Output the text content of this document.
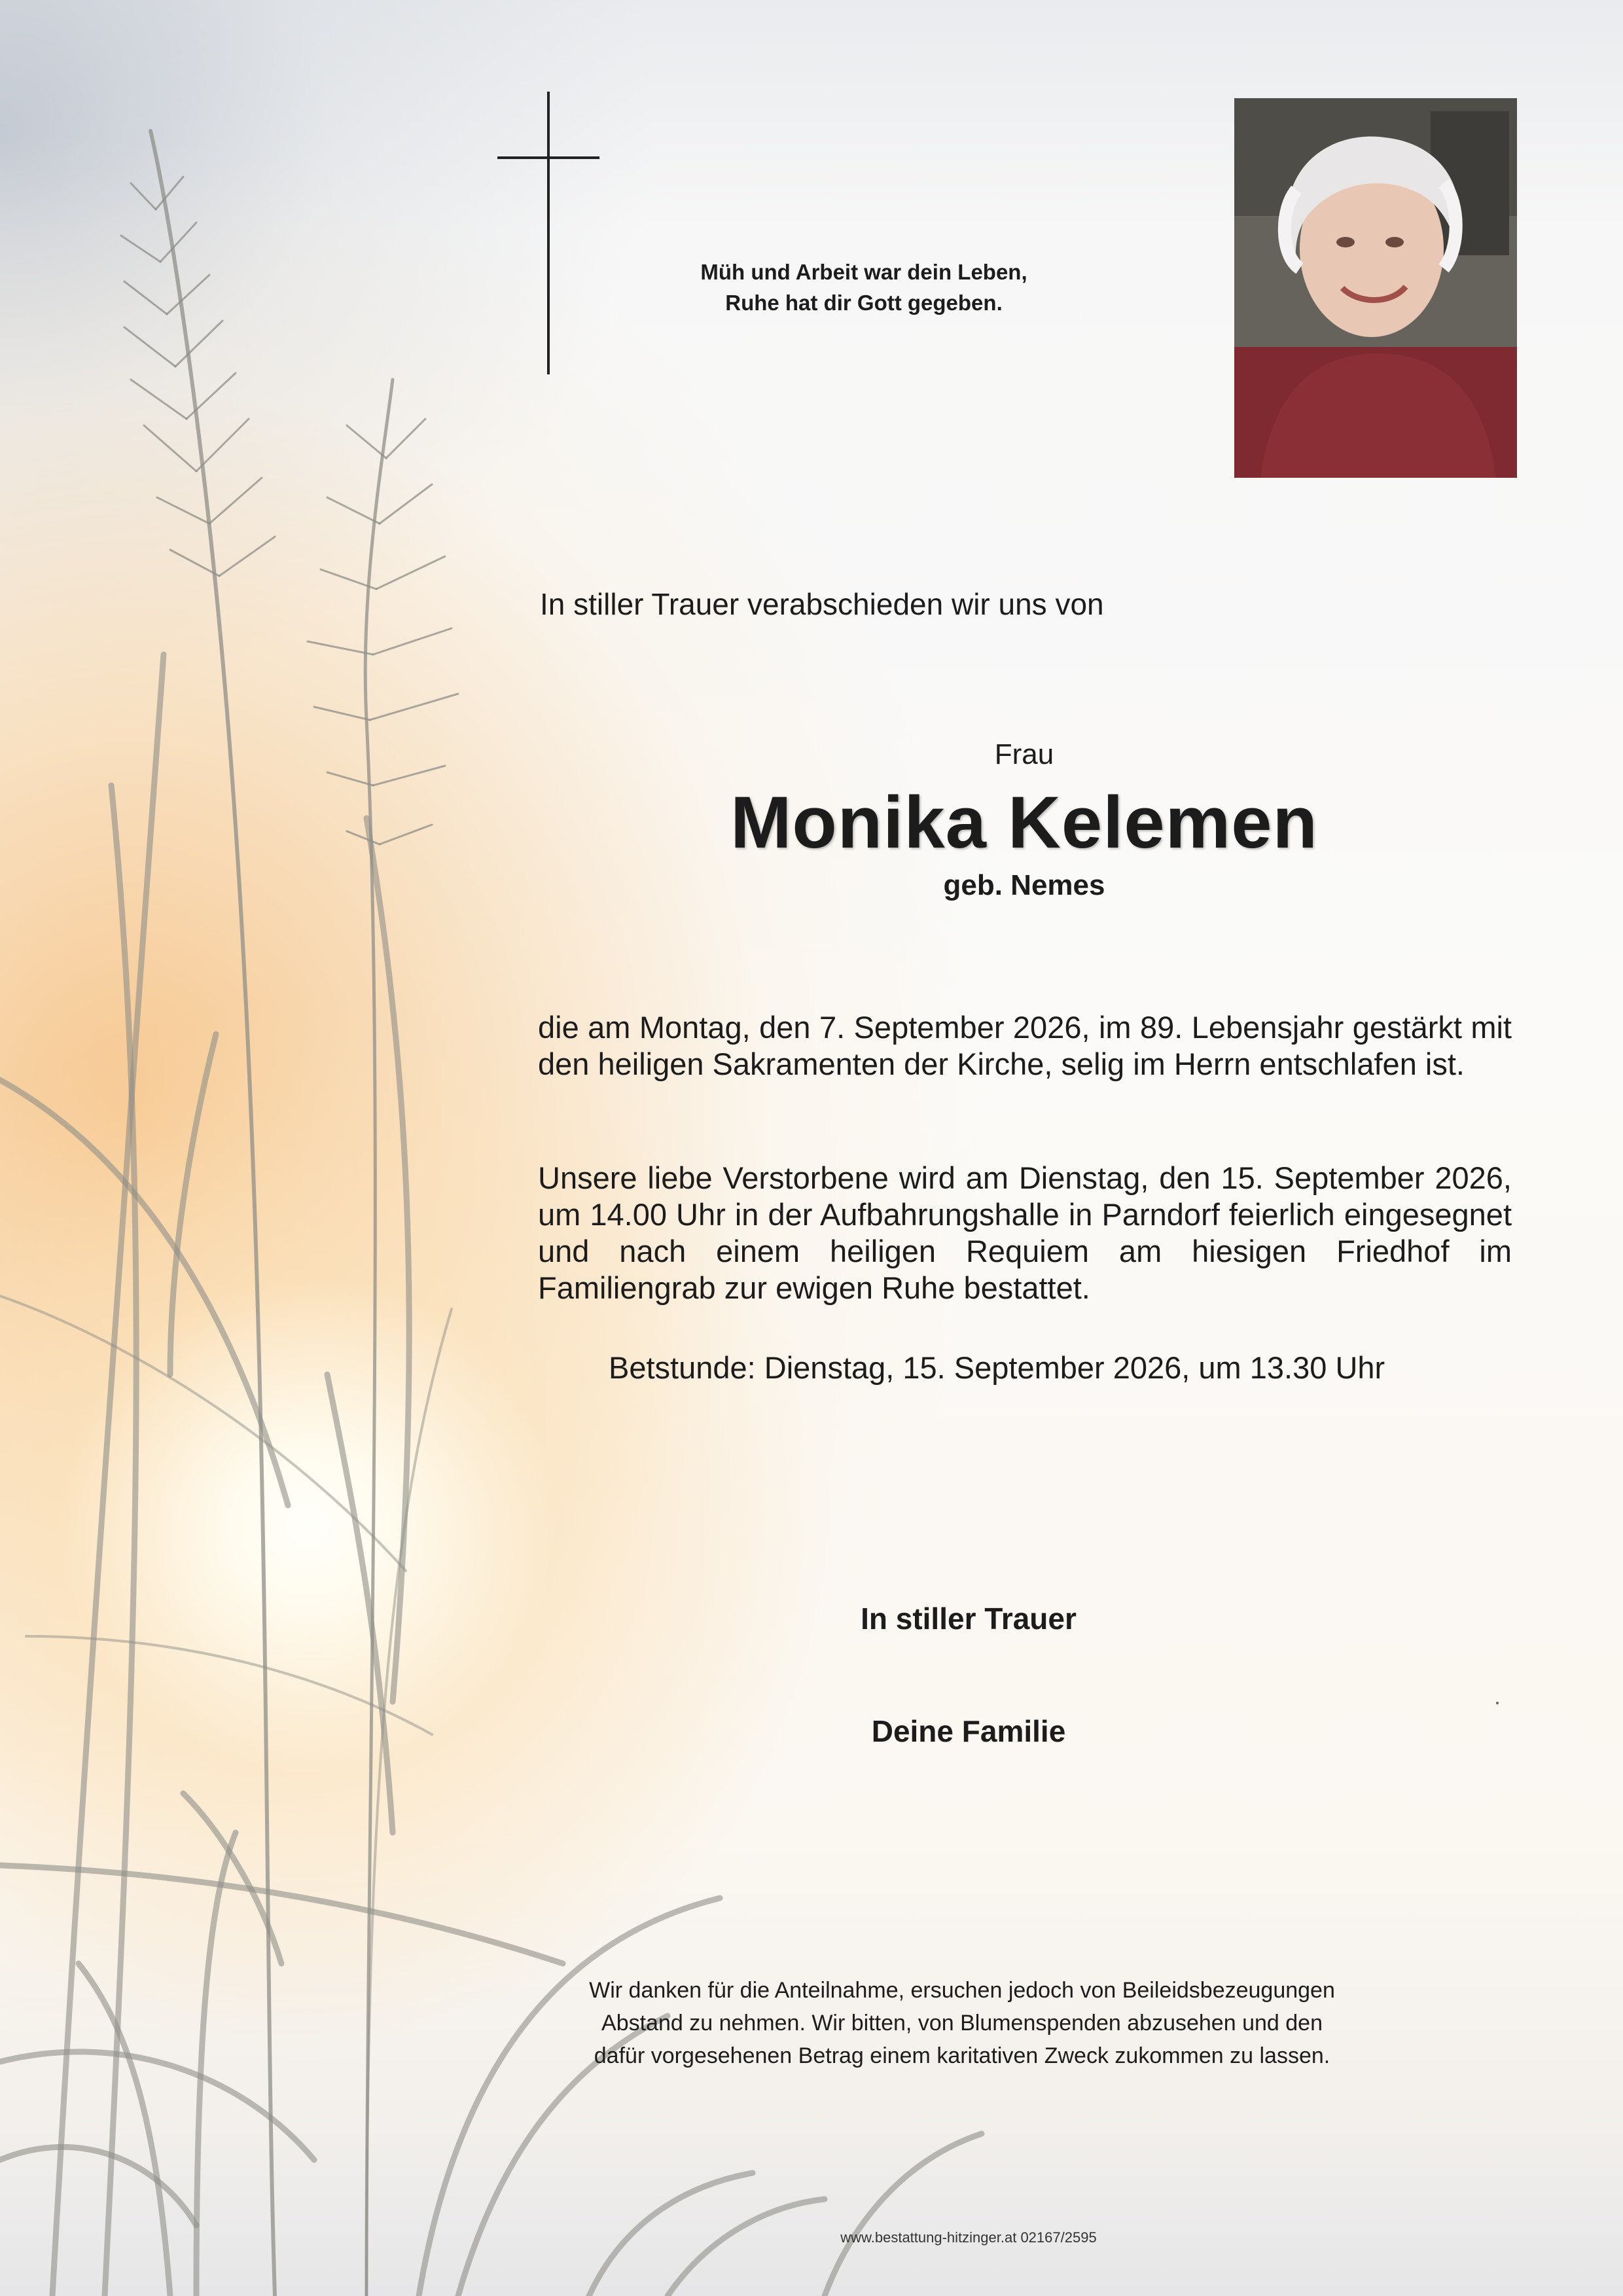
Müh und Arbeit war dein Leben,
Ruhe hat dir Gott gegeben.
In stiller Trauer verabschieden wir uns von
Frau
Monika Kelemen
geb. Nemes
die am Montag, den 7. September 2026, im 89. Lebensjahr gestärkt mit den heiligen Sakramenten der Kirche, selig im Herrn entschlafen ist.
Unsere liebe Verstorbene wird am Dienstag, den 15. September 2026, um 14.00 Uhr in der Aufbahrungshalle in Parndorf feierlich eingesegnet und nach einem heiligen Requiem am hiesigen Friedhof im Familiengrab zur ewigen Ruhe bestattet.
Betstunde: Dienstag, 15. September 2026, um 13.30 Uhr
In stiller Trauer
Deine Familie
Wir danken für die Anteilnahme, ersuchen jedoch von Beileidsbezeugungen
Abstand zu nehmen. Wir bitten, von Blumenspenden abzusehen und den
dafür vorgesehenen Betrag einem karitativen Zweck zukommen zu lassen.
www.bestattung-hitzinger.at 02167/2595
